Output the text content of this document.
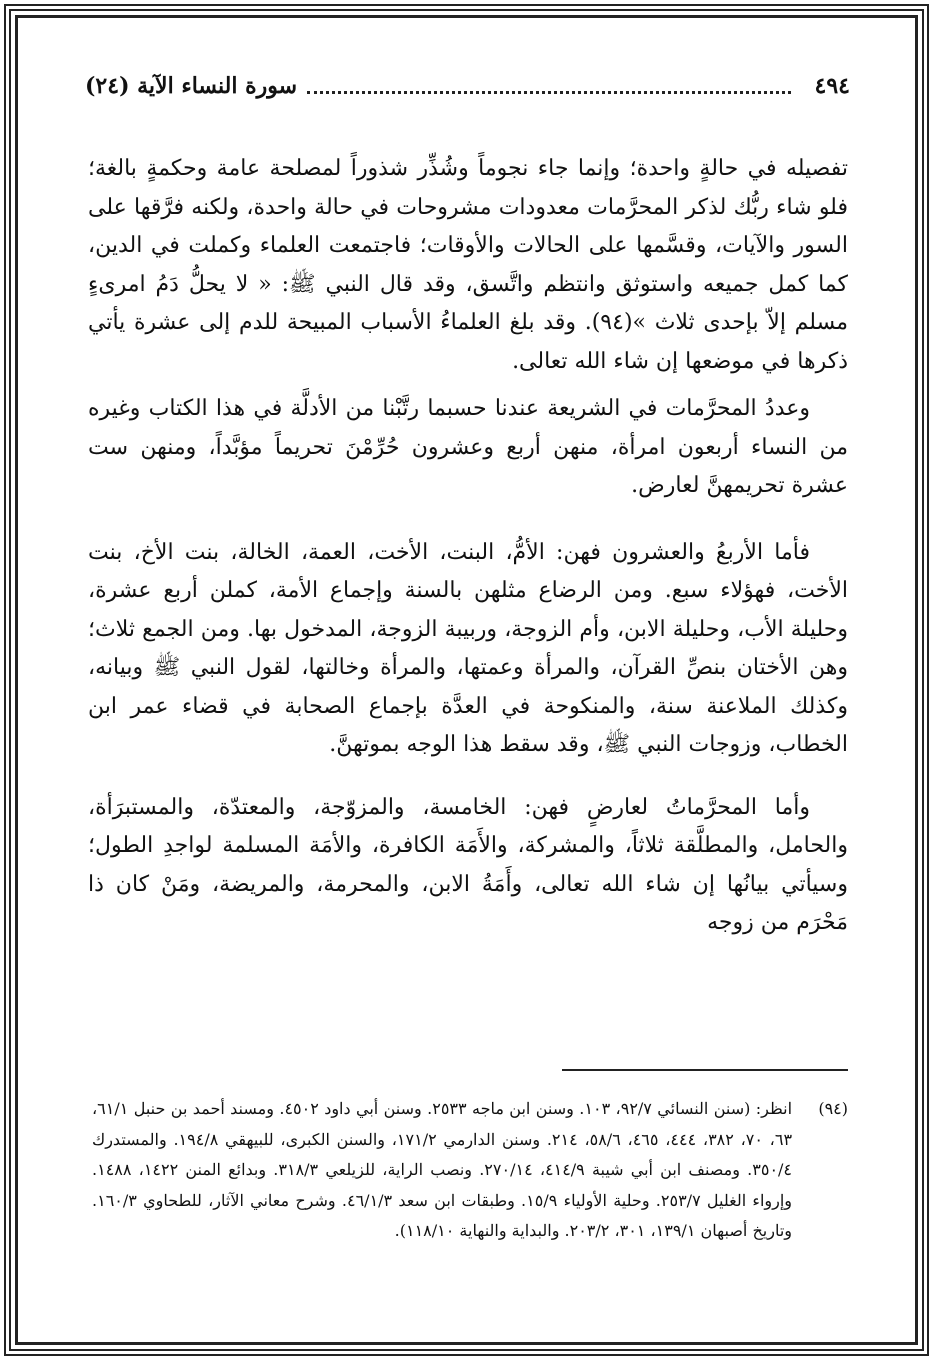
٤٩٤
سورة النساء الآية (٢٤)

تفصيله في حالةٍ واحدة؛ وإنما جاء نجوماً وشُذِّر شذوراً لمصلحة عامة وحكمةٍ بالغة؛ فلو شاء ربُّك لذكر المحرَّمات معدودات مشروحات في حالة واحدة، ولكنه فرَّقها على السور والآيات، وقسَّمها على الحالات والأوقات؛ فاجتمعت العلماء وكملت في الدين، كما كمل جميعه واستوثق وانتظم واتَّسق، وقد قال النبي ﷺ: « لا يحلُّ دَمُ امرىءٍ مسلم إلاّ بإحدى ثلاث »(٩٤). وقد بلغ العلماءُ الأسباب المبيحة للدم إلى عشرة يأتي ذكرها في موضعها إن شاء الله تعالى.

وعددُ المحرَّمات في الشريعة عندنا حسبما رتَّبْنا من الأدلَّة في هذا الكتاب وغيره من النساء أربعون امرأة، منهن أربع وعشرون حُرِّمْنَ تحريماً مؤبَّداً، ومنهن ست عشرة تحريمهنَّ لعارض.

فأما الأربعُ والعشرون فهن: الأمُّ، البنت، الأخت، العمة، الخالة، بنت الأخ، بنت الأخت، فهؤلاء سبع. ومن الرضاع مثلهن بالسنة وإجماع الأمة، كملن أربع عشرة، وحليلة الأب، وحليلة الابن، وأم الزوجة، وربيبة الزوجة، المدخول بها. ومن الجمع ثلاث؛ وهن الأختان بنصِّ القرآن، والمرأة وعمتها، والمرأة وخالتها، لقول النبي ﷺ وبيانه، وكذلك الملاعنة سنة، والمنكوحة في العدَّة بإجماع الصحابة في قضاء عمر ابن الخطاب، وزوجات النبي ﷺ، وقد سقط هذا الوجه بموتهنَّ.

وأما المحرَّماتُ لعارضٍ فهن: الخامسة، والمزوّجة، والمعتدّة، والمستبرَأة، والحامل، والمطلَّقة ثلاثاً، والمشركة، والأَمَة الكافرة، والأمَة المسلمة لواجدِ الطول؛ وسيأتي بيانُها إن شاء الله تعالى، وأَمَةُ الابن، والمحرمة، والمريضة، ومَنْ كان ذا مَحْرَم من زوجه

(٩٤)
انظر: (سنن النسائي ٩٢/٧، ١٠٣. وسنن ابن ماجه ٢٥٣٣. وسنن أبي داود ٤٥٠٢. ومسند أحمد بن حنبل ٦١/١، ٦٣، ٧٠، ٣٨٢، ٤٤٤، ٤٦٥، ٥٨/٦، ٢١٤. وسنن الدارمي ١٧١/٢، والسنن الكبرى، للبيهقي ١٩٤/٨. والمستدرك ٣٥٠/٤. ومصنف ابن أبي شيبة ٤١٤/٩، ٢٧٠/١٤. ونصب الراية، للزيلعي ٣١٨/٣. وبدائع المنن ١٤٢٢، ١٤٨٨. وإرواء الغليل ٢٥٣/٧. وحلية الأولياء ١٥/٩. وطبقات ابن سعد ٤٦/١/٣. وشرح معاني الآثار، للطحاوي ١٦٠/٣. وتاريخ أصبهان ١٣٩/١، ٣٠١، ٢٠٣/٢. والبداية والنهاية ١١٨/١٠).
